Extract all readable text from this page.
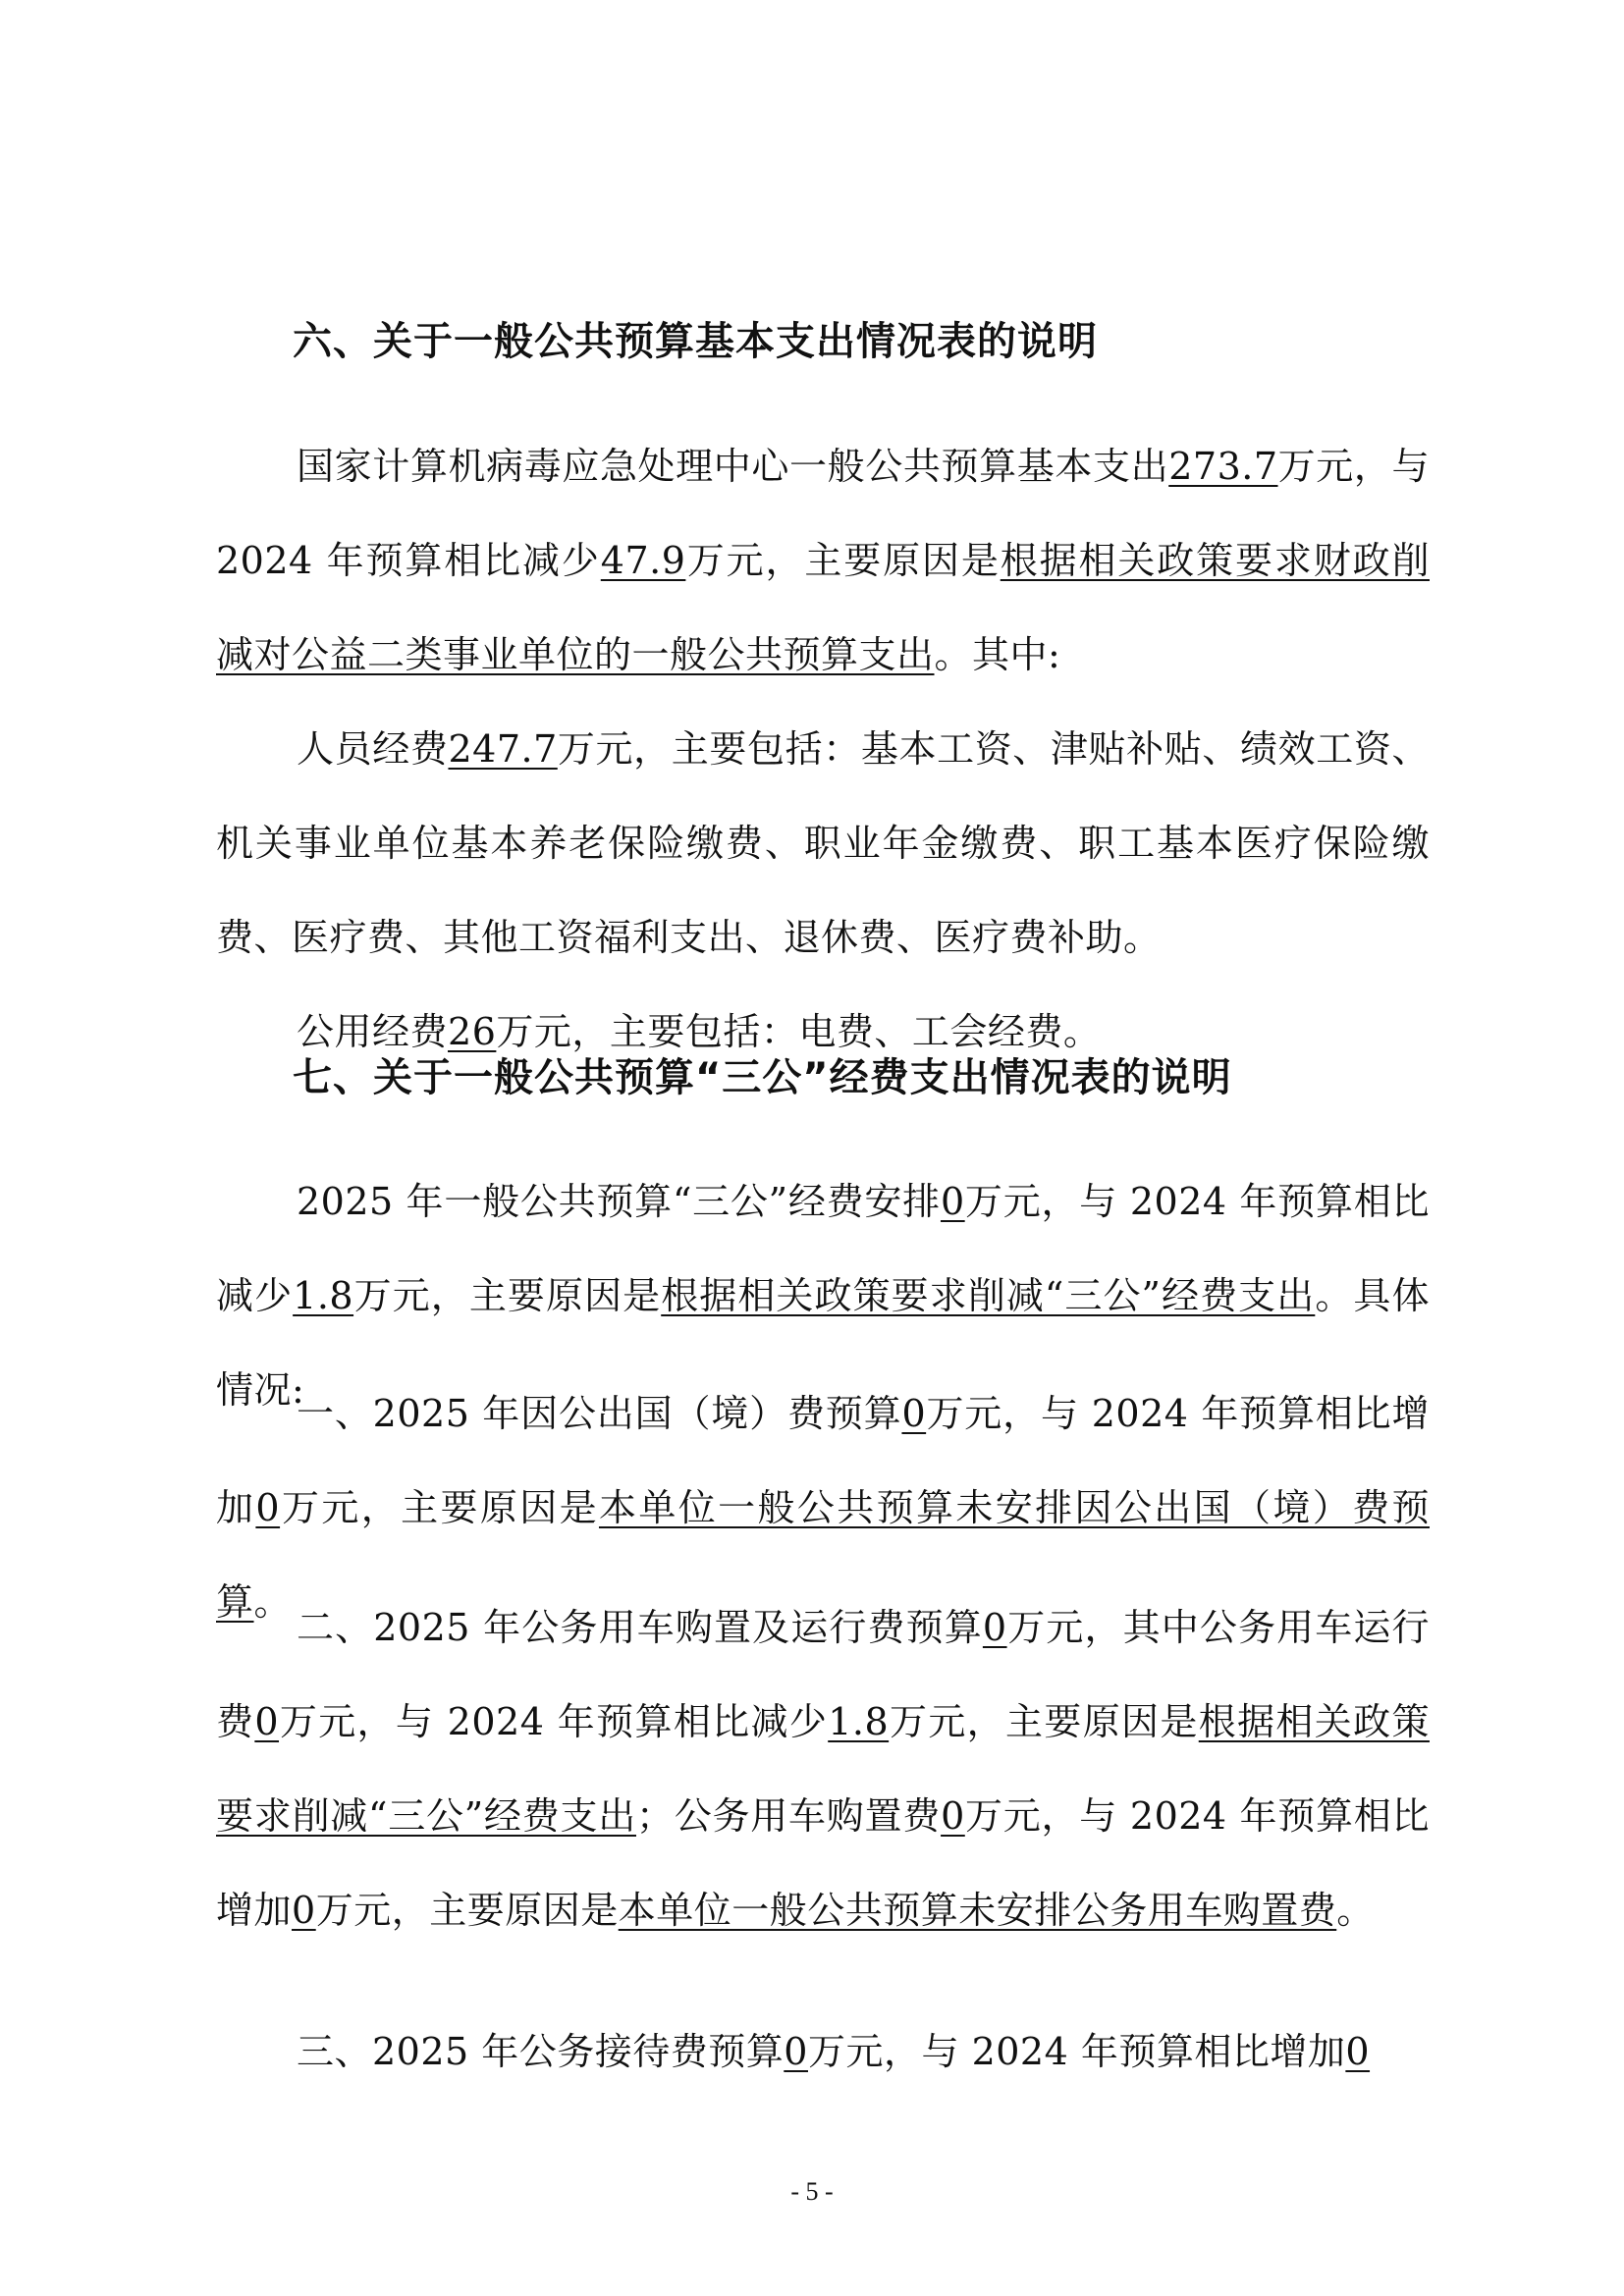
六、关于一般公共预算基本支出情况表的说明

国家计算机病毒应急处理中心一般公共预算基本支出273.7万元，与 2024 年预算相比减少47.9万元，主要原因是根据相关政策要求财政削减对公益二类事业单位的一般公共预算支出。其中:

人员经费247.7万元，主要包括：基本工资、津贴补贴、绩效工资、机关事业单位基本养老保险缴费、职业年金缴费、职工基本医疗保险缴费、医疗费、其他工资福利支出、退休费、医疗费补助。

公用经费26万元，主要包括：电费、工会经费。

七、关于一般公共预算“三公”经费支出情况表的说明

2025 年一般公共预算“三公”经费安排0万元，与 2024 年预算相比减少1.8万元，主要原因是根据相关政策要求削减“三公”经费支出。具体情况:

一、2025 年因公出国（境）费预算0万元，与 2024 年预算相比增加0万元，主要原因是本单位一般公共预算未安排因公出国（境）费预算。

二、2025 年公务用车购置及运行费预算0万元，其中公务用车运行费0万元，与 2024 年预算相比减少1.8万元，主要原因是根据相关政策要求削减“三公”经费支出；公务用车购置费0万元，与 2024 年预算相比增加0万元，主要原因是本单位一般公共预算未安排公务用车购置费。

三、2025 年公务接待费预算0万元，与 2024 年预算相比增加0

- 5 -
